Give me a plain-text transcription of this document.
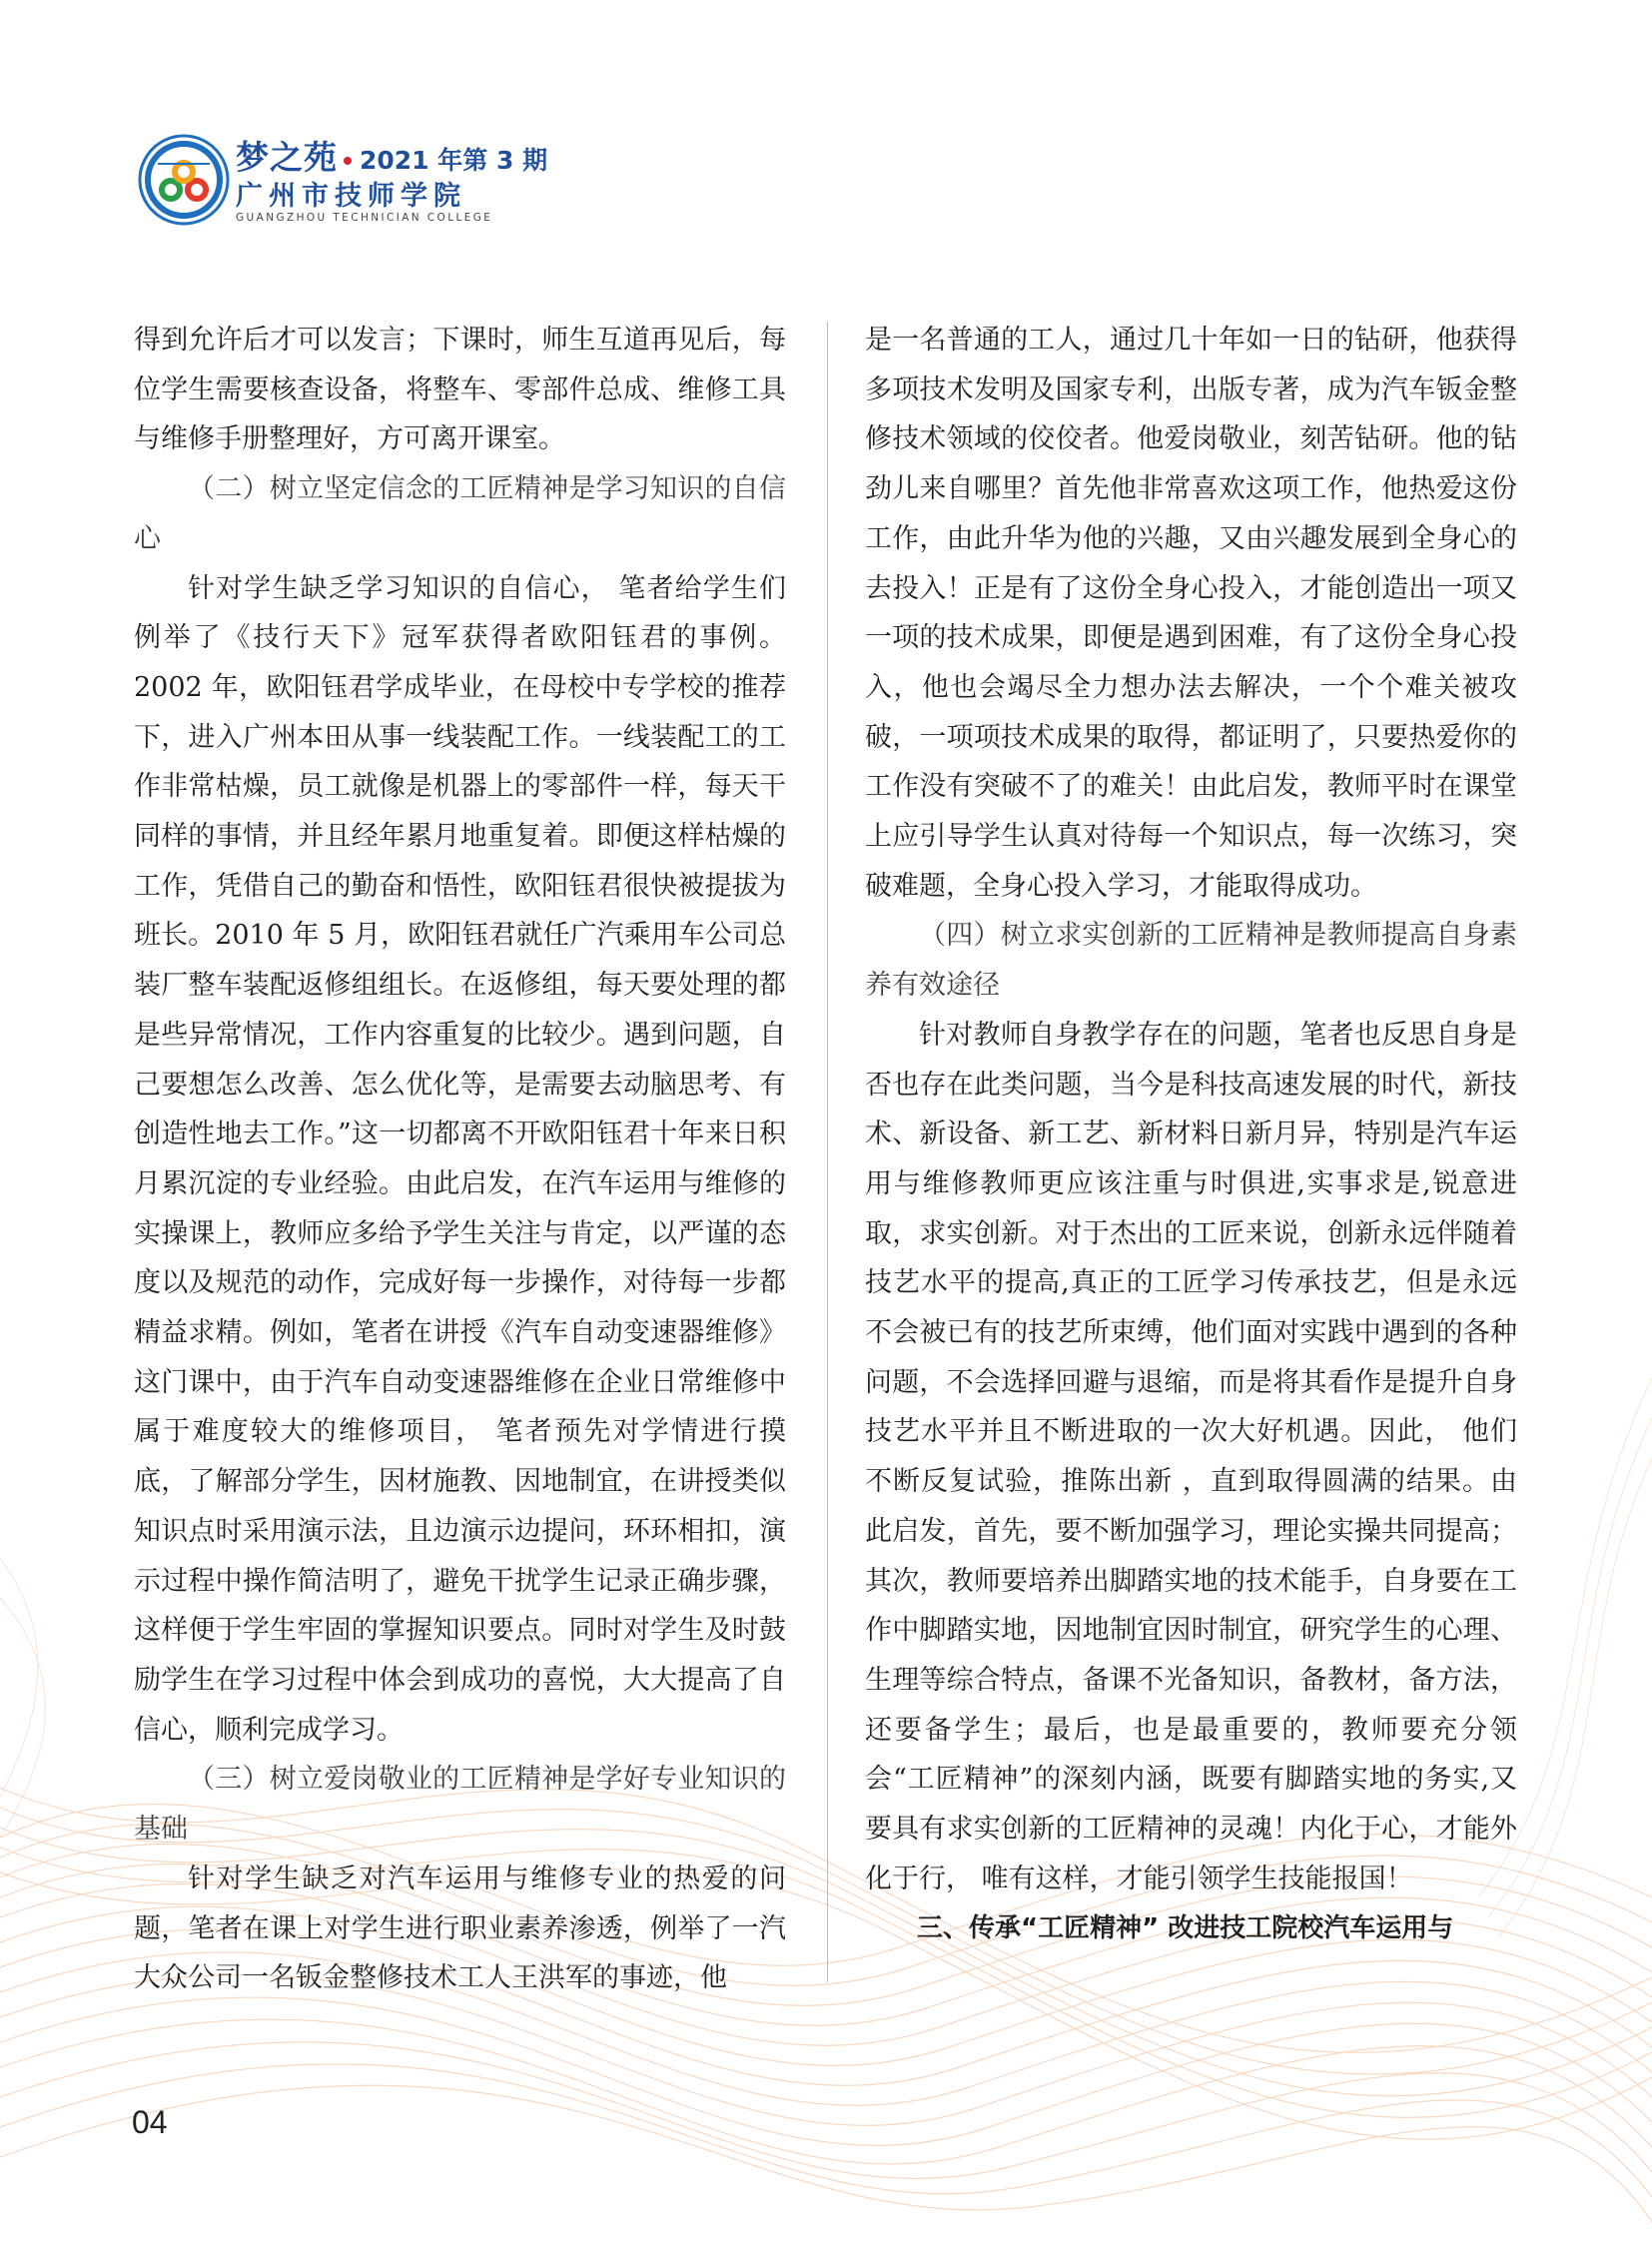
梦之苑 2021 年第 3 期
广州市技师学院
GUANGZHOU TECHNICIAN COLLEGE

得到允许后才可以发言；下课时，师生互道再见后，每位学生需要核查设备，将整车、零部件总成、维修工具与维修手册整理好，方可离开课室。

（二）树立坚定信念的工匠精神是学习知识的自信心

针对学生缺乏学习知识的自信心， 笔者给学生们例举了《技行天下》冠军获得者欧阳钰君的事例。2002 年，欧阳钰君学成毕业，在母校中专学校的推荐下，进入广州本田从事一线装配工作。一线装配工的工作非常枯燥，员工就像是机器上的零部件一样，每天干同样的事情，并且经年累月地重复着。即便这样枯燥的工作，凭借自己的勤奋和悟性，欧阳钰君很快被提拔为班长。2010 年 5 月，欧阳钰君就任广汽乘用车公司总装厂整车装配返修组组长。在返修组，每天要处理的都是些异常情况，工作内容重复的比较少。遇到问题，自己要想怎么改善、怎么优化等，是需要去动脑思考、有创造性地去工作。”这一切都离不开欧阳钰君十年来日积月累沉淀的专业经验。由此启发，在汽车运用与维修的实操课上，教师应多给予学生关注与肯定，以严谨的态度以及规范的动作，完成好每一步操作，对待每一步都精益求精。例如，笔者在讲授《汽车自动变速器维修》这门课中，由于汽车自动变速器维修在企业日常维修中属于难度较大的维修项目， 笔者预先对学情进行摸底，了解部分学生，因材施教、因地制宜，在讲授类似知识点时采用演示法，且边演示边提问，环环相扣，演示过程中操作简洁明了，避免干扰学生记录正确步骤，这样便于学生牢固的掌握知识要点。同时对学生及时鼓励学生在学习过程中体会到成功的喜悦，大大提高了自信心，顺利完成学习。

（三）树立爱岗敬业的工匠精神是学好专业知识的基础

针对学生缺乏对汽车运用与维修专业的热爱的问题，笔者在课上对学生进行职业素养渗透，例举了一汽大众公司一名钣金整修技术工人王洪军的事迹，他

是一名普通的工人，通过几十年如一日的钻研，他获得多项技术发明及国家专利，出版专著，成为汽车钣金整修技术领域的佼佼者。他爱岗敬业，刻苦钻研。他的钻劲儿来自哪里？首先他非常喜欢这项工作，他热爱这份工作，由此升华为他的兴趣，又由兴趣发展到全身心的去投入！正是有了这份全身心投入，才能创造出一项又一项的技术成果，即便是遇到困难，有了这份全身心投入，他也会竭尽全力想办法去解决，一个个难关被攻破，一项项技术成果的取得，都证明了，只要热爱你的工作没有突破不了的难关！由此启发，教师平时在课堂上应引导学生认真对待每一个知识点，每一次练习，突破难题，全身心投入学习，才能取得成功。

（四）树立求实创新的工匠精神是教师提高自身素养有效途径

针对教师自身教学存在的问题，笔者也反思自身是否也存在此类问题，当今是科技高速发展的时代，新技术、新设备、新工艺、新材料日新月异，特别是汽车运用与维修教师更应该注重与时俱进,实事求是,锐意进取，求实创新。对于杰出的工匠来说，创新永远伴随着技艺水平的提高,真正的工匠学习传承技艺，但是永远不会被已有的技艺所束缚，他们面对实践中遇到的各种问题，不会选择回避与退缩，而是将其看作是提升自身技艺水平并且不断进取的一次大好机遇。因此， 他们不断反复试验，推陈出新 ，直到取得圆满的结果。由此启发，首先，要不断加强学习，理论实操共同提高；其次，教师要培养出脚踏实地的技术能手，自身要在工作中脚踏实地，因地制宜因时制宜，研究学生的心理、生理等综合特点，备课不光备知识，备教材，备方法，还要备学生；最后，也是最重要的，教师要充分领会“工匠精神”的深刻内涵，既要有脚踏实地的务实,又要具有求实创新的工匠精神的灵魂！内化于心，才能外化于行， 唯有这样，才能引领学生技能报国！

三、传承“工匠精神” 改进技工院校汽车运用与

04
